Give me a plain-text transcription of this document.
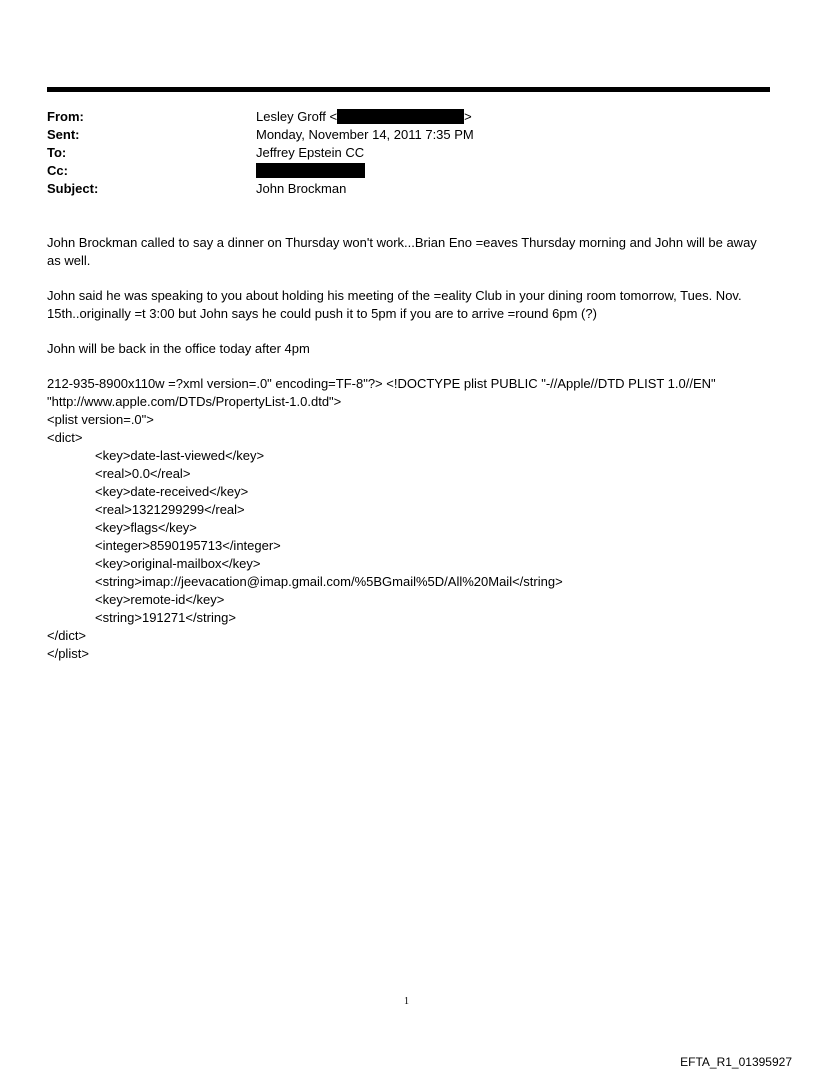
From:	Lesley Groff <	>
Sent:	Monday, November 14, 2011 7:35 PM
To:	Jeffrey Epstein CC
Cc:
Subject:	John Brockman

John Brockman called to say a dinner on Thursday won't work...Brian Eno =eaves Thursday morning and John will be away as well.

John said he was speaking to you about holding his meeting of the =eality Club in your dining room tomorrow, Tues. Nov. 15th..originally =t 3:00 but John says he could push it to 5pm if you are to arrive =round 6pm (?)

John will be back in the office today after 4pm

212-935-8900x110w =?xml version=.0" encoding=TF-8"?> <!DOCTYPE plist PUBLIC "-//Apple//DTD PLIST 1.0//EN"
"http://www.apple.com/DTDs/PropertyList-1.0.dtd">
<plist version=.0">
<dict>
<key>date-last-viewed</key>
<real>0.0</real>
<key>date-received</key>
<real>1321299299</real>
<key>flags</key>
<integer>8590195713</integer>
<key>original-mailbox</key>
<string>imap://jeevacation@imap.gmail.com/%5BGmail%5D/All%20Mail</string>
<key>remote-id</key>
<string>191271</string>
</dict>
</plist>
1
EFTA_R1_01395927
